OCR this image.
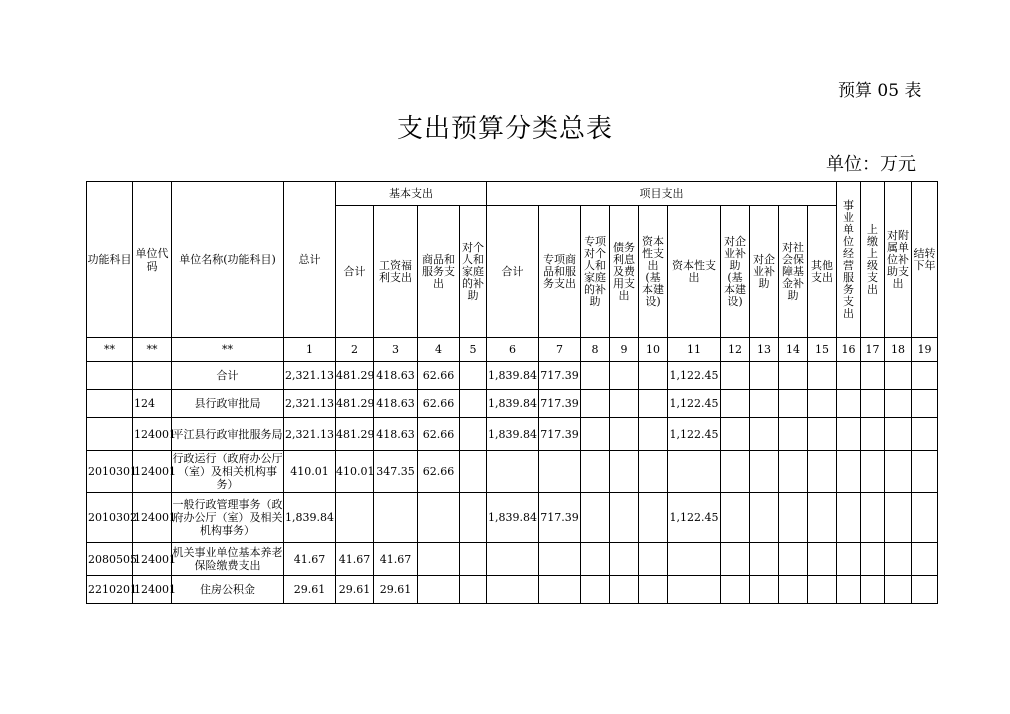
预算 05 表
支出预算分类总表
单位：万元
功能科目	单位代码	单位名称(功能科目)	总计	基本支出				项目支出										事业单位经营服务支出	上缴上级支出	对附属单位补助支出	结转下年
				合计	工资福利支出	商品和服务支出	对个人和家庭的补助	合计	专项商品和服务支出	专项对个人和家庭的补助	债务利息及费用支出	资本性支出(基本建设)	资本性支出	对企业补助(基本建设)	对企业补助	对社会保障基金补助	其他支出				
**	**	**	1	2	3	4	5	6	7	8	9	10	11	12	13	14	15	16	17	18	19
		合计	2,321.13	481.29	418.63	62.66		1,839.84	717.39				1,122.45								
	124	县行政审批局	2,321.13	481.29	418.63	62.66		1,839.84	717.39				1,122.45								
	124001	平江县行政审批服务局	2,321.13	481.29	418.63	62.66		1,839.84	717.39				1,122.45								
2010301	124001	行政运行（政府办公厅（室）及相关机构事务）	410.01	410.01	347.35	62.66															
2010302	124001	一般行政管理事务（政府办公厅（室）及相关机构事务）	1,839.84					1,839.84	717.39				1,122.45								
2080505	124001	机关事业单位基本养老保险缴费支出	41.67	41.67	41.67																
2210201	124001	住房公积金	29.61	29.61	29.61																
